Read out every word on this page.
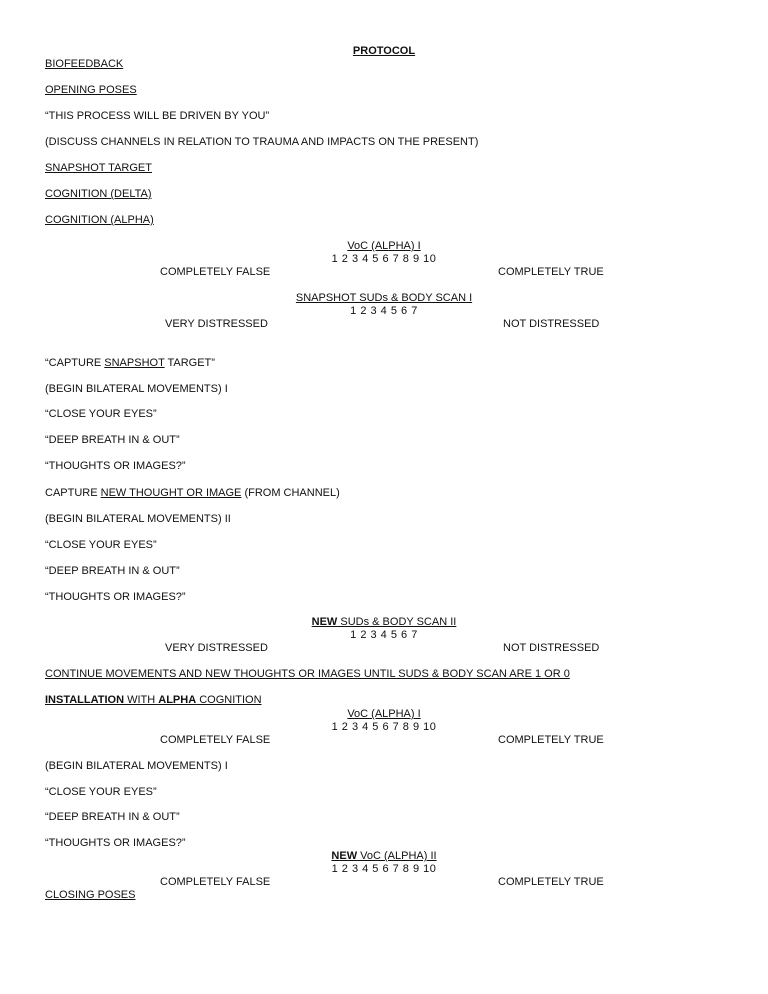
PROTOCOL
BIOFEEDBACK
OPENING POSES
“THIS PROCESS WILL BE DRIVEN BY YOU”
(DISCUSS CHANNELS IN RELATION TO TRAUMA AND IMPACTS ON THE PRESENT)
SNAPSHOT TARGET
COGNITION (DELTA)
COGNITION (ALPHA)
VoC (ALPHA) I
1 2 3 4 5 6 7 8 9 10
COMPLETELY FALSE	COMPLETELY TRUE
SNAPSHOT SUDs & BODY SCAN I
1 2 3 4 5 6 7
VERY DISTRESSED	NOT DISTRESSED
“CAPTURE SNAPSHOT TARGET”
(BEGIN BILATERAL MOVEMENTS) I
“CLOSE YOUR EYES”
“DEEP BREATH IN & OUT”
“THOUGHTS OR IMAGES?”
CAPTURE NEW THOUGHT OR IMAGE (FROM CHANNEL)
(BEGIN BILATERAL MOVEMENTS) II
“CLOSE YOUR EYES”
“DEEP BREATH IN & OUT”
“THOUGHTS OR IMAGES?”
NEW SUDs & BODY SCAN II
1 2 3 4 5 6 7
VERY DISTRESSED	NOT DISTRESSED
CONTINUE MOVEMENTS AND NEW THOUGHTS OR IMAGES UNTIL SUDS & BODY SCAN ARE 1 OR 0
INSTALLATION WITH ALPHA COGNITION
VoC (ALPHA) I
1 2 3 4 5 6 7 8 9 10
COMPLETELY FALSE	COMPLETELY TRUE
(BEGIN BILATERAL MOVEMENTS) I
“CLOSE YOUR EYES”
“DEEP BREATH IN & OUT”
“THOUGHTS OR IMAGES?”
NEW VoC (ALPHA) II
1 2 3 4 5 6 7 8 9 10
COMPLETELY FALSE	COMPLETELY TRUE
CLOSING POSES
